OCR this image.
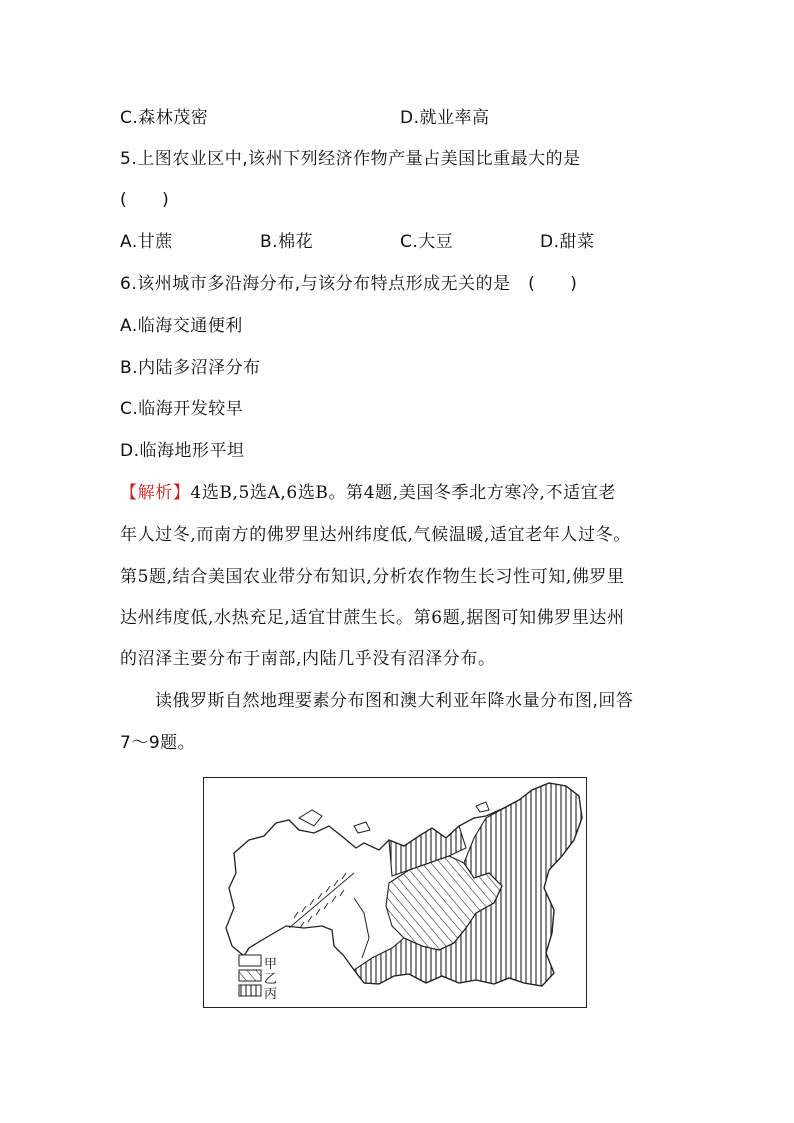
C.森林茂密	D.就业率高
5.上图农业区中,该州下列经济作物产量占美国比重最大的是
(　　)
A.甘蔗	B.棉花	C.大豆	D.甜菜
6.该州城市多沿海分布,与该分布特点形成无关的是　(　　)
A.临海交通便利
B.内陆多沼泽分布
C.临海开发较早
D.临海地形平坦
【解析】4选B,5选A,6选B。第4题,美国冬季北方寒冷,不适宜老
年人过冬,而南方的佛罗里达州纬度低,气候温暖,适宜老年人过冬。
第5题,结合美国农业带分布知识,分析农作物生长习性可知,佛罗里
达州纬度低,水热充足,适宜甘蔗生长。第6题,据图可知佛罗里达州
的沼泽主要分布于南部,内陆几乎没有沼泽分布。
读俄罗斯自然地理要素分布图和澳大利亚年降水量分布图,回答
7～9题。
甲
乙
丙
